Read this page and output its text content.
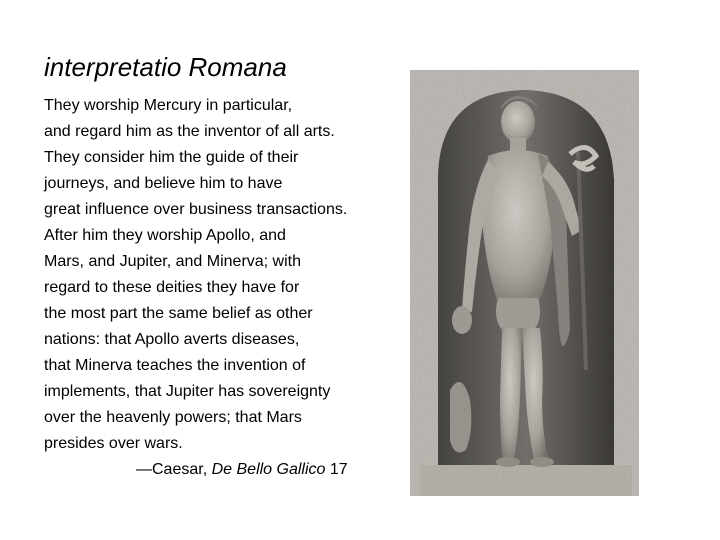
interpretatio Romana
They worship Mercury in particular,
and regard him as the inventor of all arts.
They consider him the guide of their
journeys, and believe him to have
great influence over business transactions.
After him they worship Apollo, and
Mars, and Jupiter, and Minerva; with
regard to these deities they have for
the most part the same belief as other
nations: that Apollo averts diseases,
that Minerva teaches the invention of
implements, that Jupiter has sovereignty
over the heavenly powers; that Mars
presides over wars.
—Caesar, De Bello Gallico 17
